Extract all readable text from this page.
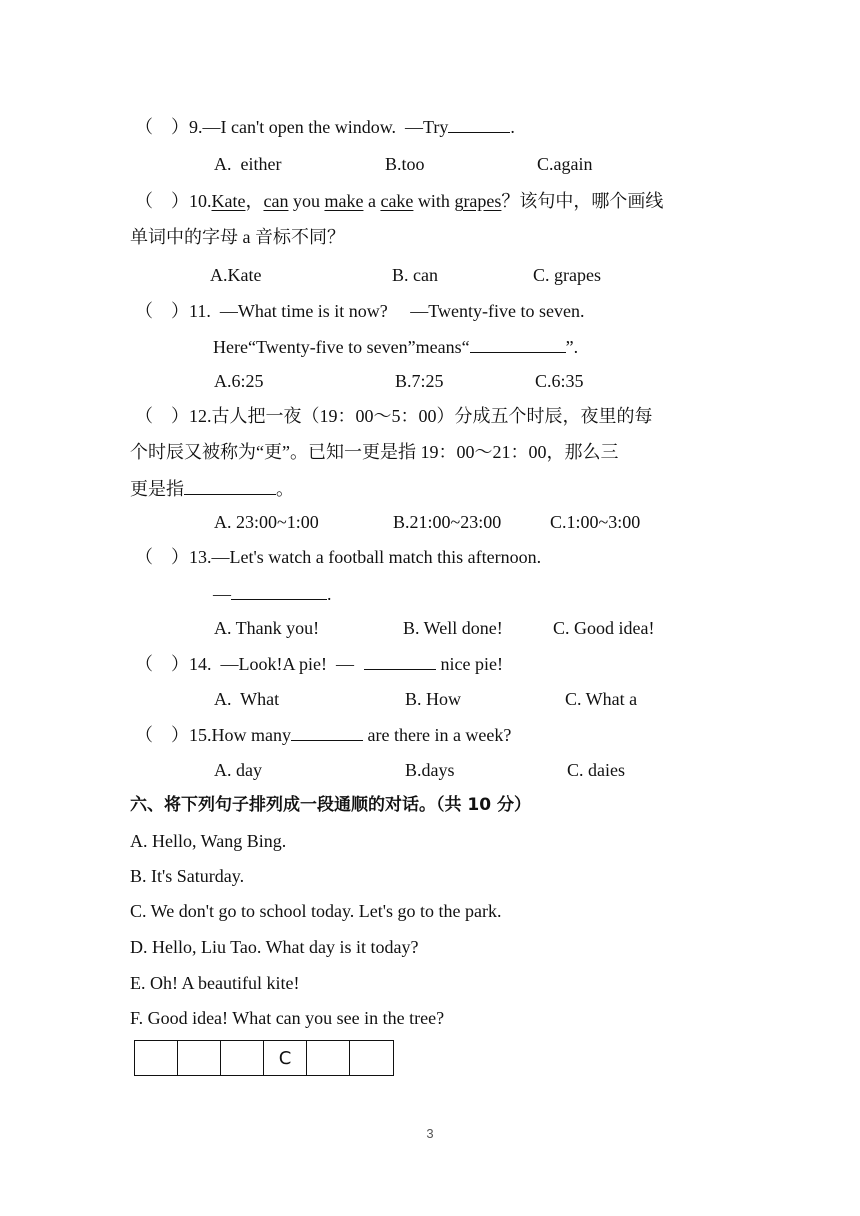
（    ）9.—I can't open the window.  —Try	.
A.  either	B.too	C.again
（    ）10.Kate，can you make a cake with grapes？该句中，哪个画线
单词中的字母 a 音标不同？
A.Kate	B. can	C. grapes
（    ）11.  —What time is it now?     —Twenty-five to seven.
Here“Twenty-five to seven”means“	”.
A.6:25	B.7:25	C.6:35
（    ）12.古人把一夜（19：00～5：00）分成五个时辰，夜里的每
个时辰又被称为“更”。已知一更是指 19：00～21：00，那么三
更是指	。
A. 23:00~1:00	B.21:00~23:00	C.1:00~3:00
（    ）13.—Let's watch a football match this afternoon.
—	.
A. Thank you!	B. Well done!	C. Good idea!
（    ）14.  —Look!A pie!  —	nice pie!
A.  What	B. How	C. What a
（    ）15.How many	are there in a week?
A. day	B.days	C. daies
六、将下列句子排列成一段通顺的对话。（共 10 分）
A. Hello, Wang Bing.
B. It's Saturday.
C. We don't go to school today. Let's go to the park.
D. Hello, Liu Tao. What day is it today?
E. Oh! A beautiful kite!
F. Good idea! What can you see in the tree?
C
3
